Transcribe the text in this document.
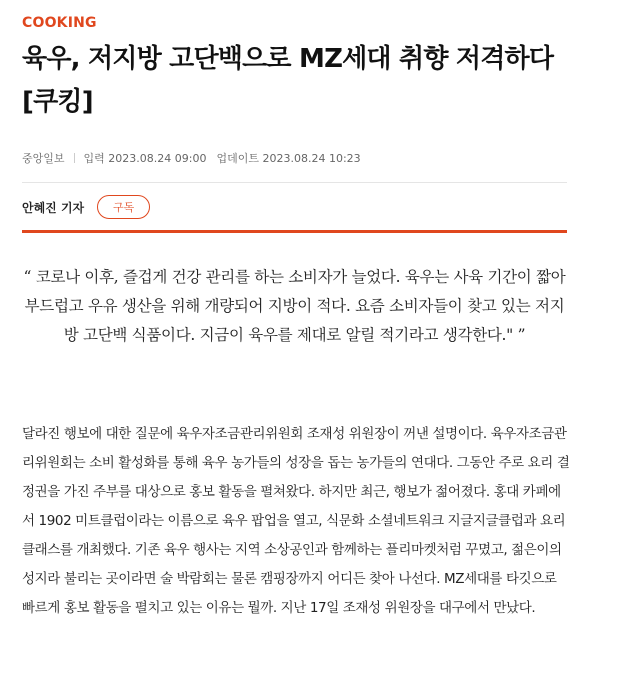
COOKING
육우, 저지방 고단백으로 MZ세대 취향 저격하다 [쿠킹]
중앙일보 입력
2023.08.24 09:00 업데이트
2023.08.24 10:23
안혜진 기자	구독

“ 코로나 이후, 즐겁게 건강 관리를 하는 소비자가 늘었다. 육우는 사육 기간이 짧아 부드럽고 우유 생산을 위해 개량되어 지방이 적다. 요즘 소비자들이 찾고 있는 저지방 고단백 식품이다. 지금이 육우를 제대로 알릴 적기라고 생각한다." ”

달라진 행보에 대한 질문에 육우자조금관리위원회 조재성 위원장이 꺼낸 설명이다. 육우자조금관리위원회는 소비 활성화를 통해 육우 농가들의 성장을 돕는 농가들의 연대다. 그동안 주로 요리 결정권을 가진 주부를 대상으로 홍보 활동을 펼쳐왔다. 하지만 최근, 행보가 젊어졌다. 홍대 카페에서 1902 미트클럽이라는 이름으로 육우 팝업을 열고, 식문화 소셜네트워크 지글지글클럽과 요리 클래스를 개최했다. 기존 육우 행사는 지역 소상공인과 함께하는 플리마켓처럼 꾸몄고, 젊은이의 성지라 불리는 곳이라면 술 박람회는 물론 캠핑장까지 어디든 찾아 나선다. MZ세대를 타깃으로 빠르게 홍보 활동을 펼치고 있는 이유는 뭘까. 지난 17일 조재성 위원장을 대구에서 만났다.
